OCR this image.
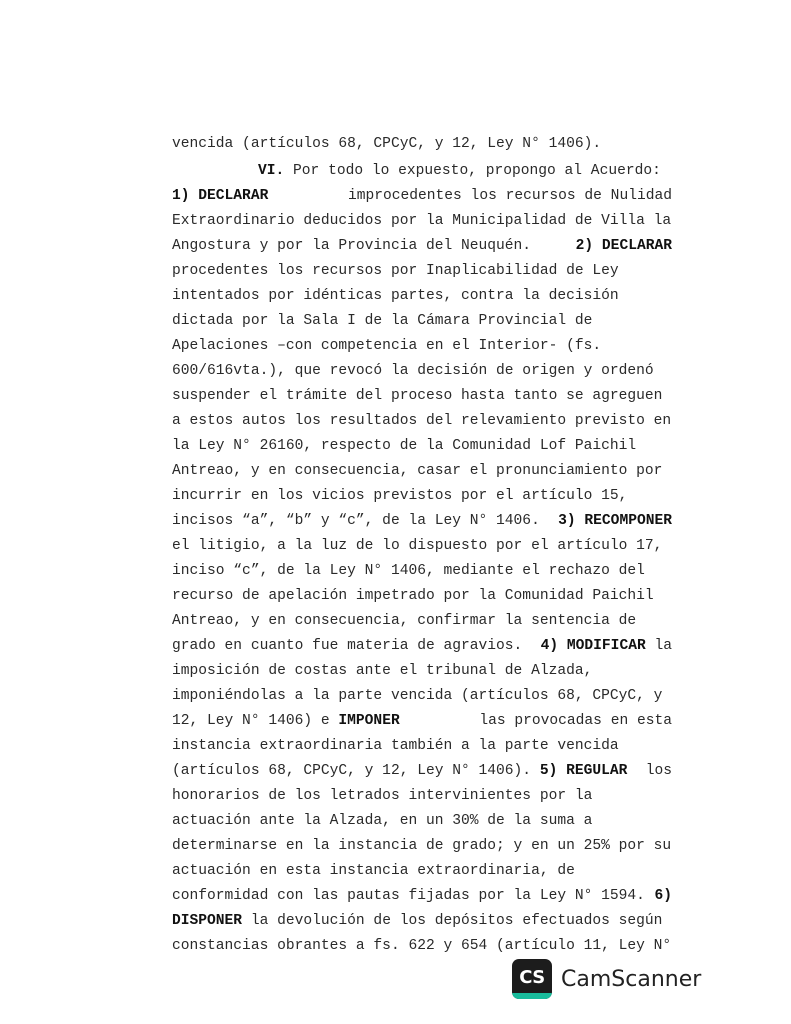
vencida (artículos 68, CPCyC, y 12, Ley N° 1406).
VI.
Por todo lo expuesto, propongo al Acuerdo:
1) DECLARAR	improcedentes los recursos de Nulidad
Extraordinario deducidos por la Municipalidad de Villa la
Angostura y por la Provincia del Neuquén.	2) DECLARAR
procedentes los recursos por Inaplicabilidad de Ley
intentados por idénticas partes, contra la decisión
dictada por la Sala I de la Cámara Provincial de
Apelaciones –con competencia en el Interior- (fs.
600/616vta.), que revocó la decisión de origen y ordenó
suspender el trámite del proceso hasta tanto se agreguen
a estos autos los resultados del relevamiento previsto en
la Ley N° 26160, respecto de la Comunidad Lof Paichil
Antreao, y en consecuencia, casar el pronunciamiento por
incurrir en los vicios previstos por el artículo 15,
incisos “a”, “b” y “c”, de la Ley N° 1406. 3) RECOMPONER
el litigio, a la luz de lo dispuesto por el artículo 17,
inciso “c”, de la Ley N° 1406, mediante el rechazo del
recurso de apelación impetrado por la Comunidad Paichil
Antreao, y en consecuencia, confirmar la sentencia de
grado en cuanto fue materia de agravios. 4) MODIFICAR la
imposición de costas ante el tribunal de Alzada,
imponiéndolas a la parte vencida (artículos 68, CPCyC, y
12, Ley N° 1406) e IMPONER	las provocadas en esta
instancia extraordinaria también a la parte vencida
(artículos 68, CPCyC, y 12, Ley N° 1406). 5) REGULAR los
honorarios de los letrados intervinientes por la
actuación ante la Alzada, en un 30% de la suma a
determinarse en la instancia de grado; y en un 25% por su
actuación en esta instancia extraordinaria, de
conformidad con las pautas fijadas por la Ley N° 1594. 6)
DISPONER
la devolución de los depósitos efectuados según
constancias obrantes a fs. 622 y 654 (artículo 11, Ley N°
CS CamScanner
